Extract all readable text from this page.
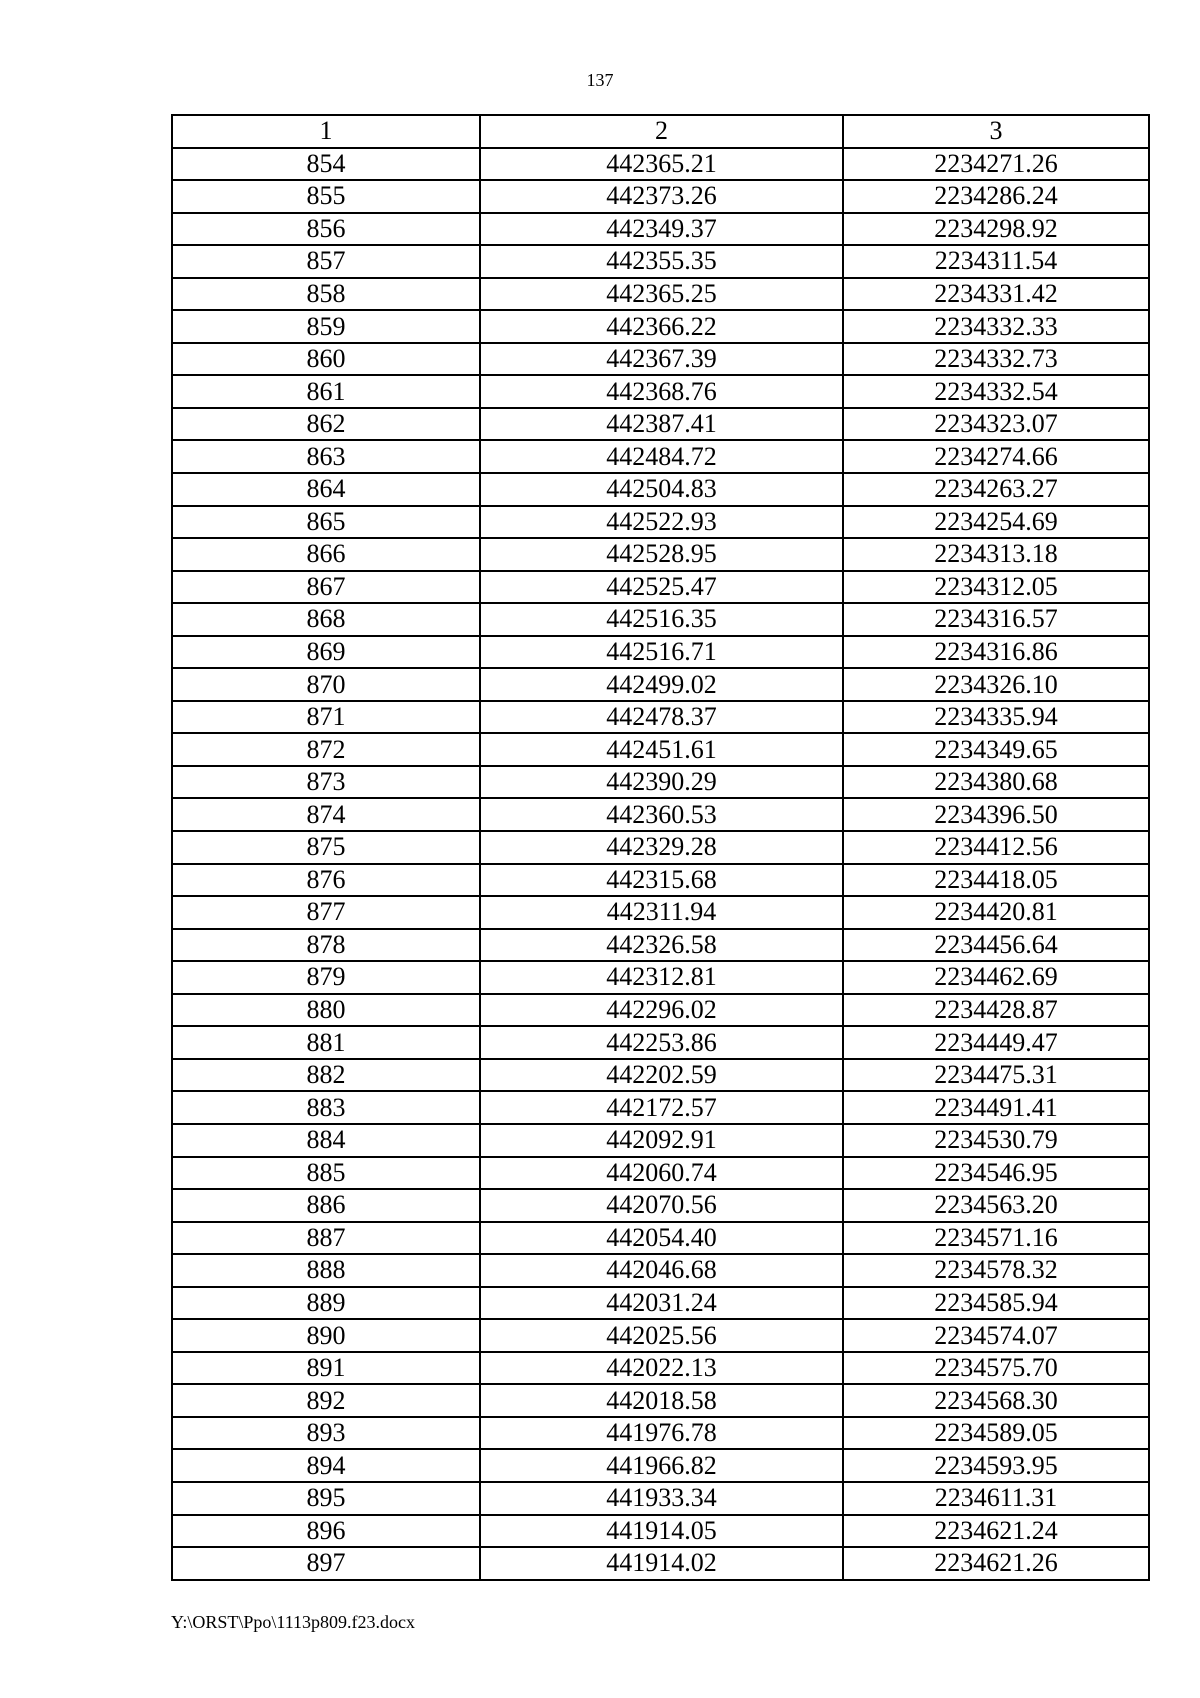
137
1	2	3
854	442365.21	2234271.26
855	442373.26	2234286.24
856	442349.37	2234298.92
857	442355.35	2234311.54
858	442365.25	2234331.42
859	442366.22	2234332.33
860	442367.39	2234332.73
861	442368.76	2234332.54
862	442387.41	2234323.07
863	442484.72	2234274.66
864	442504.83	2234263.27
865	442522.93	2234254.69
866	442528.95	2234313.18
867	442525.47	2234312.05
868	442516.35	2234316.57
869	442516.71	2234316.86
870	442499.02	2234326.10
871	442478.37	2234335.94
872	442451.61	2234349.65
873	442390.29	2234380.68
874	442360.53	2234396.50
875	442329.28	2234412.56
876	442315.68	2234418.05
877	442311.94	2234420.81
878	442326.58	2234456.64
879	442312.81	2234462.69
880	442296.02	2234428.87
881	442253.86	2234449.47
882	442202.59	2234475.31
883	442172.57	2234491.41
884	442092.91	2234530.79
885	442060.74	2234546.95
886	442070.56	2234563.20
887	442054.40	2234571.16
888	442046.68	2234578.32
889	442031.24	2234585.94
890	442025.56	2234574.07
891	442022.13	2234575.70
892	442018.58	2234568.30
893	441976.78	2234589.05
894	441966.82	2234593.95
895	441933.34	2234611.31
896	441914.05	2234621.24
897	441914.02	2234621.26
Y:\ORST\Ppo\1113p809.f23.docx
